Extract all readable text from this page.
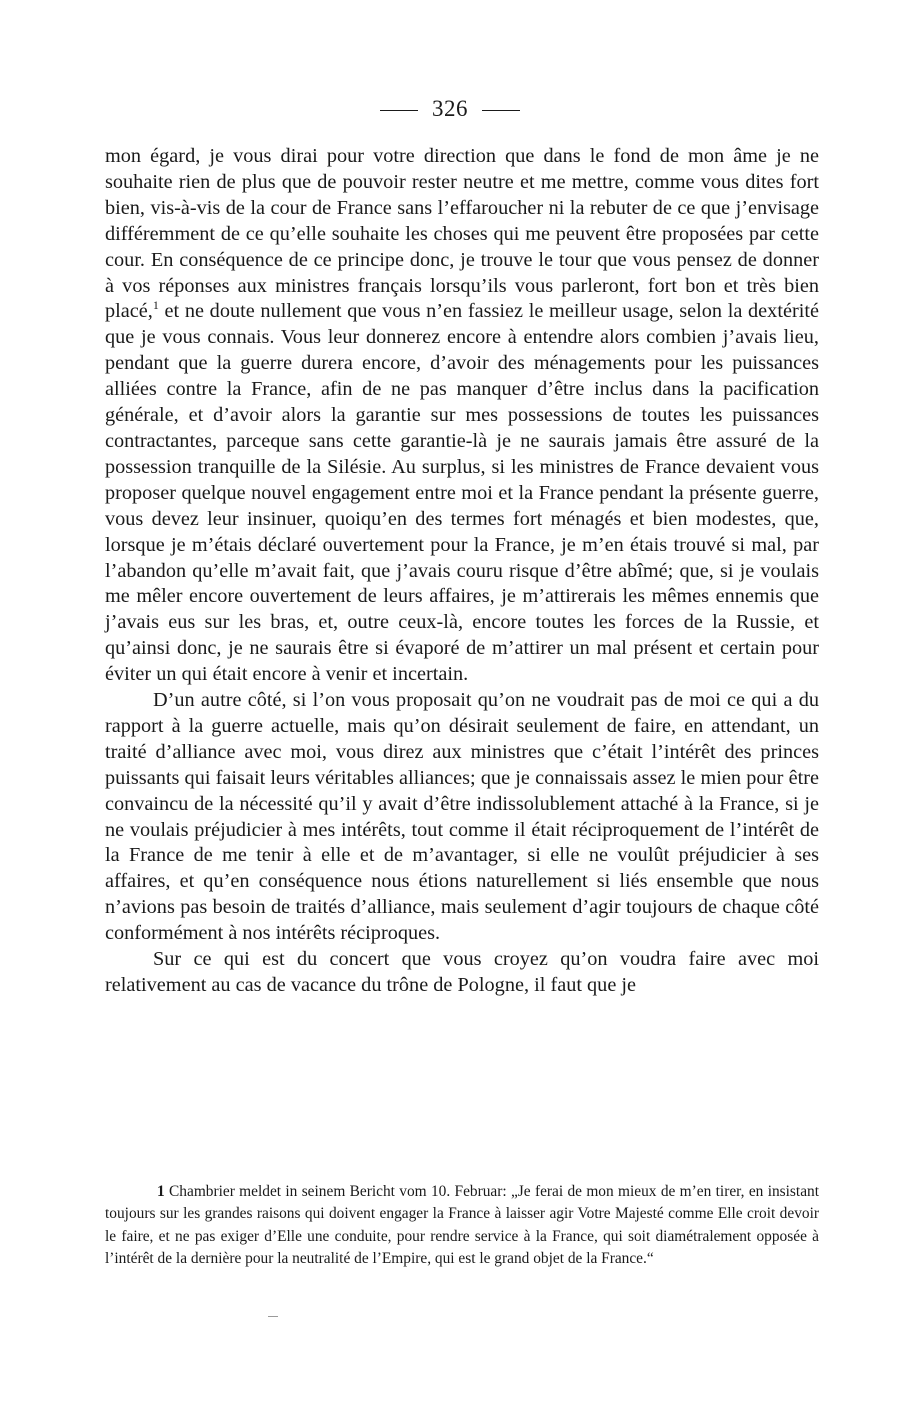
326

mon égard, je vous dirai pour votre direction que dans le fond de mon âme je ne souhaite rien de plus que de pouvoir rester neutre et me mettre, comme vous dites fort bien, vis-à-vis de la cour de France sans l’effaroucher ni la rebuter de ce que j’envisage différemment de ce qu’elle souhaite les choses qui me peuvent être proposées par cette cour. En conséquence de ce principe donc, je trouve le tour que vous pensez de donner à vos réponses aux ministres français lorsqu’ils vous parleront, fort bon et très bien placé,$^1$ et ne doute nullement que vous n’en fassiez le meilleur usage, selon la dextérité que je vous connais. Vous leur donnerez encore à entendre alors combien j’avais lieu, pendant que la guerre durera encore, d’avoir des ménagements pour les puissances alliées contre la France, afin de ne pas manquer d’être inclus dans la pacification générale, et d’avoir alors la garantie sur mes possessions de toutes les puissances contractantes, parceque sans cette garantie-là je ne saurais jamais être assuré de la possession tranquille de la Silésie. Au surplus, si les ministres de France devaient vous proposer quelque nouvel engagement entre moi et la France pendant la présente guerre, vous devez leur insinuer, quoiqu’en des termes fort ménagés et bien modestes, que, lorsque je m’étais déclaré ouvertement pour la France, je m’en étais trouvé si mal, par l’abandon qu’elle m’avait fait, que j’avais couru risque d’être abîmé; que, si je voulais me mêler encore ouvertement de leurs affaires, je m’attirerais les mêmes ennemis que j’avais eus sur les bras, et, outre ceux-là, encore toutes les forces de la Russie, et qu’ainsi donc, je ne saurais être si évaporé de m’attirer un mal présent et certain pour éviter un qui était encore à venir et incertain.

D’un autre côté, si l’on vous proposait qu’on ne voudrait pas de moi ce qui a du rapport à la guerre actuelle, mais qu’on désirait seulement de faire, en attendant, un traité d’alliance avec moi, vous direz aux ministres que c’était l’intérêt des princes puissants qui faisait leurs véritables alliances; que je connaissais assez le mien pour être convaincu de la nécessité qu’il y avait d’être indissolublement attaché à la France, si je ne voulais préjudicier à mes intérêts, tout comme il était réciproquement de l’intérêt de la France de me tenir à elle et de m’avantager, si elle ne voulût préjudicier à ses affaires, et qu’en conséquence nous étions naturellement si liés ensemble que nous n’avions pas besoin de traités d’alliance, mais seulement d’agir toujours de chaque côté conformément à nos intérêts réciproques.

Sur ce qui est du concert que vous croyez qu’on voudra faire avec moi relativement au cas de vacance du trône de Pologne, il faut que je

1 Chambrier meldet in seinem Bericht vom 10. Februar: „Je ferai de mon mieux de m’en tirer, en insistant toujours sur les grandes raisons qui doivent engager la France à laisser agir Votre Majesté comme Elle croit devoir le faire, et ne pas exiger d’Elle une conduite, pour rendre service à la France, qui soit diamétralement opposée à l’intérêt de la dernière pour la neutralité de l’Empire, qui est le grand objet de la France.“
